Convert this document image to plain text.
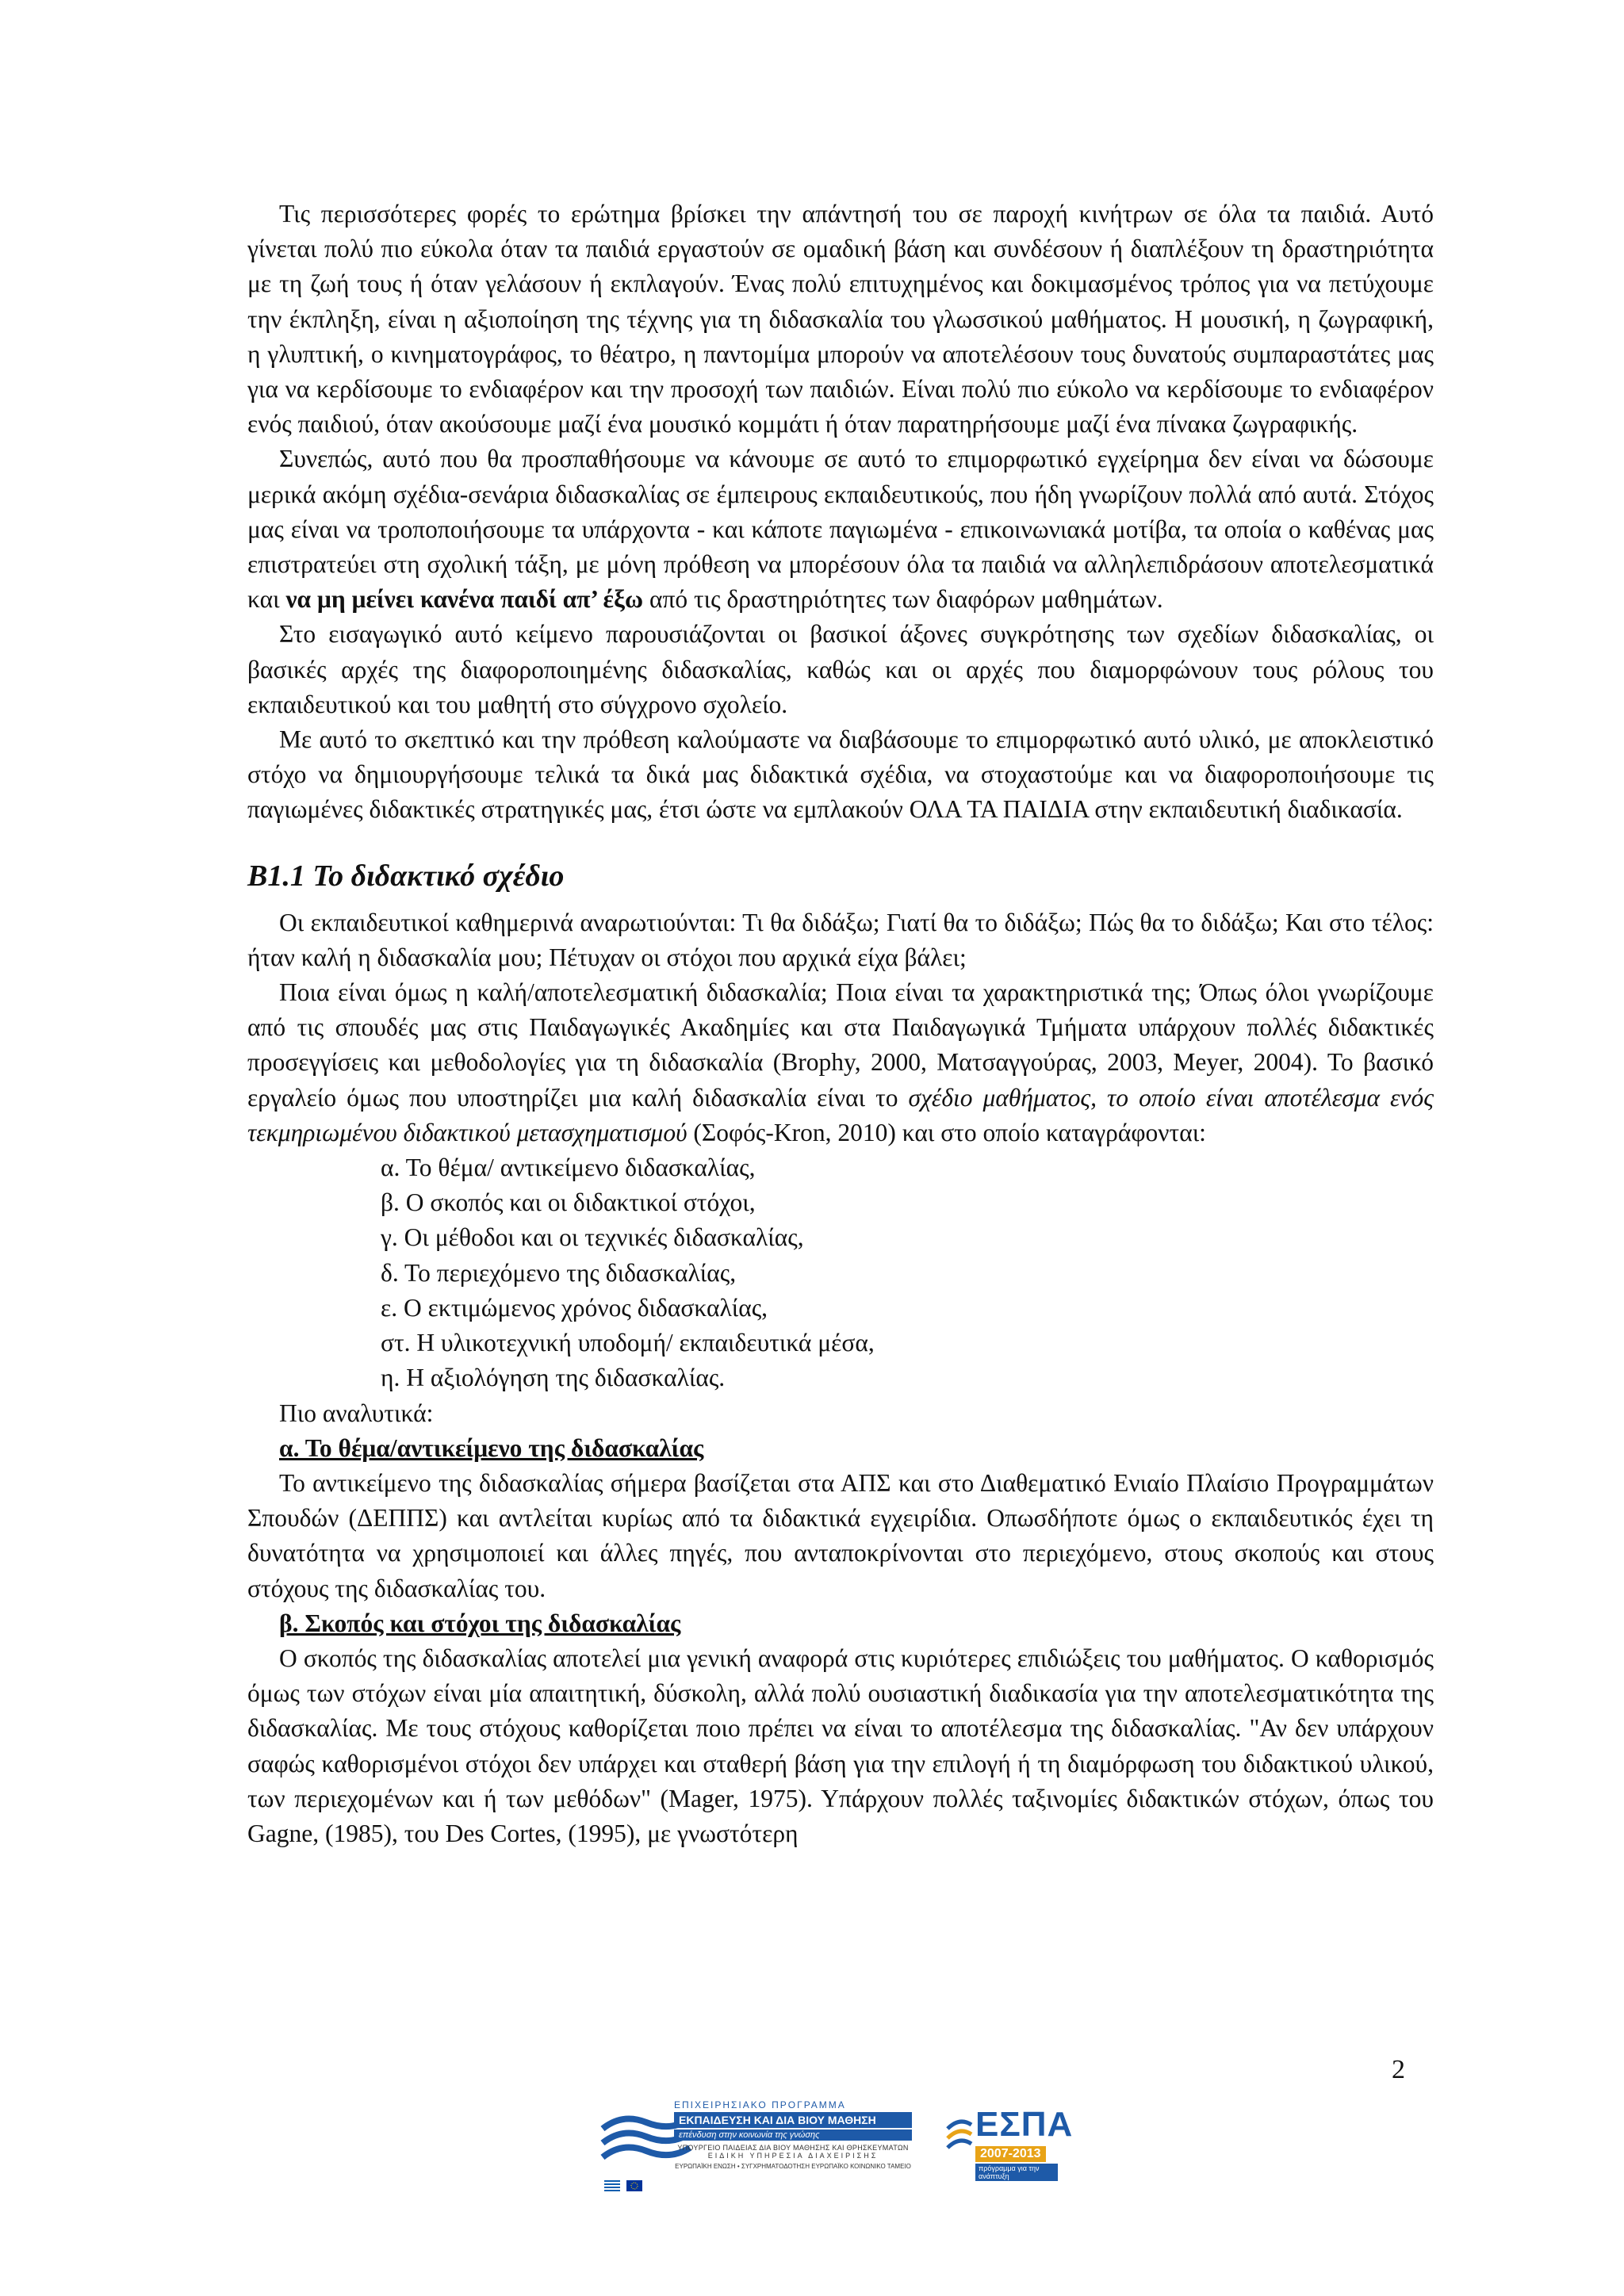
Τις περισσότερες φορές το ερώτημα βρίσκει την απάντησή του σε παροχή κινήτρων σε όλα τα παιδιά. Αυτό γίνεται πολύ πιο εύκολα όταν τα παιδιά εργαστούν σε ομαδική βάση και συνδέσουν ή διαπλέξουν τη δραστηριότητα με τη ζωή τους ή όταν γελάσουν ή εκπλαγούν. Ένας πολύ επιτυχημένος και δοκιμασμένος τρόπος για να πετύχουμε την έκπληξη, είναι η αξιοποίηση της τέχνης για τη διδασκαλία του γλωσσικού μαθήματος. Η μουσική, η ζωγραφική, η γλυπτική, ο κινηματογράφος, το θέατρο, η παντομίμα μπορούν να αποτελέσουν τους δυνατούς συμπαραστάτες μας για να κερδίσουμε το ενδιαφέρον και την προσοχή των παιδιών. Είναι πολύ πιο εύκολο να κερδίσουμε το ενδιαφέρον ενός παιδιού, όταν ακούσουμε μαζί ένα μουσικό κομμάτι ή όταν παρατηρήσουμε μαζί ένα πίνακα ζωγραφικής.

Συνεπώς, αυτό που θα προσπαθήσουμε να κάνουμε σε αυτό το επιμορφωτικό εγχείρημα δεν είναι να δώσουμε μερικά ακόμη σχέδια-σενάρια διδασκαλίας σε έμπειρους εκπαιδευτικούς, που ήδη γνωρίζουν πολλά από αυτά. Στόχος μας είναι να τροποποιήσουμε τα υπάρχοντα - και κάποτε παγιωμένα - επικοινωνιακά μοτίβα, τα οποία ο καθένας μας επιστρατεύει στη σχολική τάξη, με μόνη πρόθεση να μπορέσουν όλα τα παιδιά να αλληλεπιδράσουν αποτελεσματικά και να μη μείνει κανένα παιδί απ’ έξω από τις δραστηριότητες των διαφόρων μαθημάτων.

Στο εισαγωγικό αυτό κείμενο παρουσιάζονται οι βασικοί άξονες συγκρότησης των σχεδίων διδασκαλίας, οι βασικές αρχές της διαφοροποιημένης διδασκαλίας, καθώς και οι αρχές που διαμορφώνουν τους ρόλους του εκπαιδευτικού και του μαθητή στο σύγχρονο σχολείο.

Με αυτό το σκεπτικό και την πρόθεση καλούμαστε να διαβάσουμε το επιμορφωτικό αυτό υλικό, με αποκλειστικό στόχο να δημιουργήσουμε τελικά τα δικά μας διδακτικά σχέδια, να στοχαστούμε και να διαφοροποιήσουμε τις παγιωμένες διδακτικές στρατηγικές μας, έτσι ώστε να εμπλακούν ΟΛΑ ΤΑ ΠΑΙΔΙΑ στην εκπαιδευτική διαδικασία.

Β1.1 Το διδακτικό σχέδιο

Οι εκπαιδευτικοί καθημερινά αναρωτιούνται: Τι θα διδάξω; Γιατί θα το διδάξω; Πώς θα το διδάξω; Και στο τέλος: ήταν καλή η διδασκαλία μου; Πέτυχαν οι στόχοι που αρχικά είχα βάλει;

Ποια είναι όμως η καλή/αποτελεσματική διδασκαλία; Ποια είναι τα χαρακτηριστικά της; Όπως όλοι γνωρίζουμε από τις σπουδές μας στις Παιδαγωγικές Ακαδημίες και στα Παιδαγωγικά Τμήματα υπάρχουν πολλές διδακτικές προσεγγίσεις και μεθοδολογίες για τη διδασκαλία (Brophy, 2000, Ματσαγγούρας, 2003, Meyer, 2004). Το βασικό εργαλείο όμως που υποστηρίζει μια καλή διδασκαλία είναι το σχέδιο μαθήματος, το οποίο είναι αποτέλεσμα ενός τεκμηριωμένου διδακτικού μετασχηματισμού (Σοφός-Kron, 2010) και στο οποίο καταγράφονται:

α. Το θέμα/ αντικείμενο διδασκαλίας,
β. Ο σκοπός και οι διδακτικοί στόχοι,
γ. Οι μέθοδοι και οι τεχνικές διδασκαλίας,
δ. Το περιεχόμενο της διδασκαλίας,
ε. Ο εκτιμώμενος χρόνος διδασκαλίας,
στ. Η υλικοτεχνική υποδομή/ εκπαιδευτικά μέσα,
η. Η αξιολόγηση της διδασκαλίας.

Πιο αναλυτικά:

α. Το θέμα/αντικείμενο της διδασκαλίας

Το αντικείμενο της διδασκαλίας σήμερα βασίζεται στα ΑΠΣ και στο Διαθεματικό Ενιαίο Πλαίσιο Προγραμμάτων Σπουδών (ΔΕΠΠΣ) και αντλείται κυρίως από τα διδακτικά εγχειρίδια. Οπωσδήποτε όμως ο εκπαιδευτικός έχει τη δυνατότητα να χρησιμοποιεί και άλλες πηγές, που ανταποκρίνονται στο περιεχόμενο, στους σκοπούς και στους στόχους της διδασκαλίας του.

β. Σκοπός και στόχοι της διδασκαλίας

Ο σκοπός της διδασκαλίας αποτελεί μια γενική αναφορά στις κυριότερες επιδιώξεις του μαθήματος. Ο καθορισμός όμως των στόχων είναι μία απαιτητική, δύσκολη, αλλά πολύ ουσιαστική διαδικασία για την αποτελεσματικότητα της διδασκαλίας. Με τους στόχους καθορίζεται ποιο πρέπει να είναι το αποτέλεσμα της διδασκαλίας. "Αν δεν υπάρχουν σαφώς καθορισμένοι στόχοι δεν υπάρχει και σταθερή βάση για την επιλογή ή τη διαμόρφωση του διδακτικού υλικού, των περιεχομένων και ή των μεθόδων" (Mager, 1975). Υπάρχουν πολλές ταξινομίες διδακτικών στόχων, όπως του Gagne, (1985), του Des Cortes, (1995), με γνωστότερη

2
ΕΠΙΧΕΙΡΗΣΙΑΚΟ ΠΡΟΓΡΑΜΜΑ
ΕΚΠΑΙΔΕΥΣΗ ΚΑΙ ΔΙΑ ΒΙΟΥ ΜΑΘΗΣΗ
επένδυση στην κοινωνία της γνώσης
ΥΠΟΥΡΓΕΙΟ ΠΑΙΔΕΙΑΣ ΔΙΑ ΒΙΟΥ ΜΑΘΗΣΗΣ ΚΑΙ ΘΡΗΣΚΕΥΜΑΤΩΝ
ΕΙΔΙΚΗ ΥΠΗΡΕΣΙΑ ΔΙΑΧΕΙΡΙΣΗΣ
ΕΥΡΩΠΑΪΚΗ ΕΝΩΣΗ • ΣΥΓΧΡΗΜΑΤΟΔΟΤΗΣΗ ΕΥΡΩΠΑΪΚΟ ΚΟΙΝΩΝΙΚΟ ΤΑΜΕΙΟ
ΕΣΠΑ
2007-2013
πρόγραμμα για την ανάπτυξη
